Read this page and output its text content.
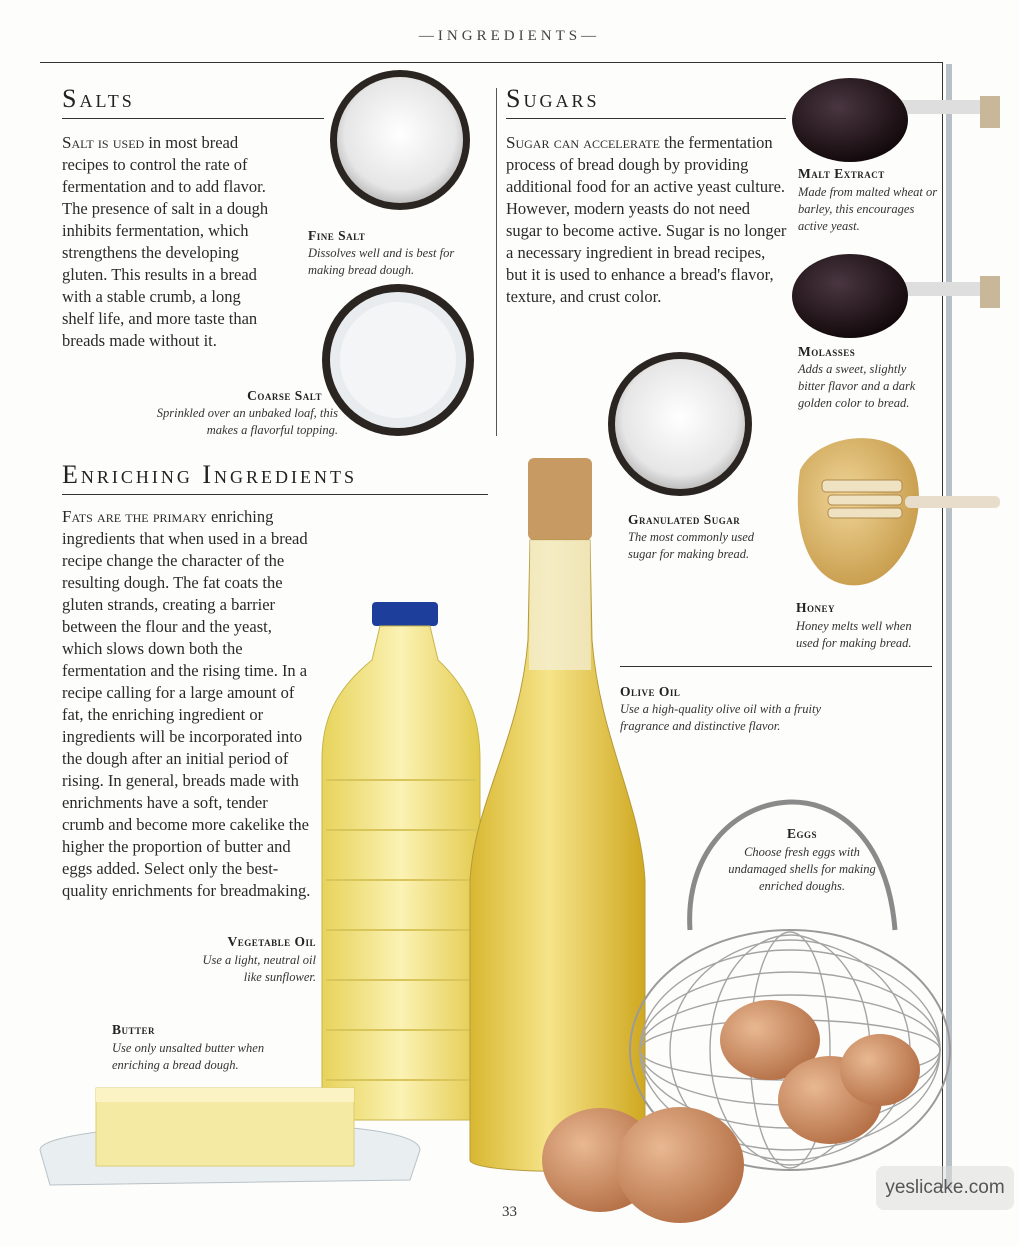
—INGREDIENTS—
Salts
Salt is used in most bread recipes to control the rate of fermentation and to add flavor. The presence of salt in a dough inhibits fermentation, which strengthens the developing gluten. This results in a bread with a stable crumb, a long shelf life, and more taste than breads made without it.
Fine Salt
Dissolves well and is best for making bread dough.
Coarse Salt
Sprinkled over an unbaked loaf, this makes a flavorful topping.
Sugars
Sugar can accelerate the fermentation process of bread dough by providing additional food for an active yeast culture. However, modern yeasts do not need sugar to become active. Sugar is no longer a necessary ingredient in bread recipes, but it is used to enhance a bread's flavor, texture, and crust color.
Malt Extract
Made from malted wheat or barley, this encourages active yeast.
Molasses
Adds a sweet, slightly bitter flavor and a dark golden color to bread.
Granulated Sugar
The most commonly used sugar for making bread.
Honey
Honey melts well when used for making bread.
Enriching Ingredients
Fats are the primary enriching ingredients that when used in a bread recipe change the character of the resulting dough. The fat coats the gluten strands, creating a barrier between the flour and the yeast, which slows down both the fermentation and the rising time. In a recipe calling for a large amount of fat, the enriching ingredient or ingredients will be incorporated into the dough after an initial period of rising. In general, breads made with enrichments have a soft, tender crumb and become more cakelike the higher the proportion of butter and eggs added. Select only the best-quality enrichments for breadmaking.
Olive Oil
Use a high-quality olive oil with a fruity fragrance and distinctive flavor.
Eggs
Choose fresh eggs with undamaged shells for making enriched doughs.
Vegetable Oil
Use a light, neutral oil like sunflower.
Butter
Use only unsalted butter when enriching a bread dough.
33
yeslicake.com
